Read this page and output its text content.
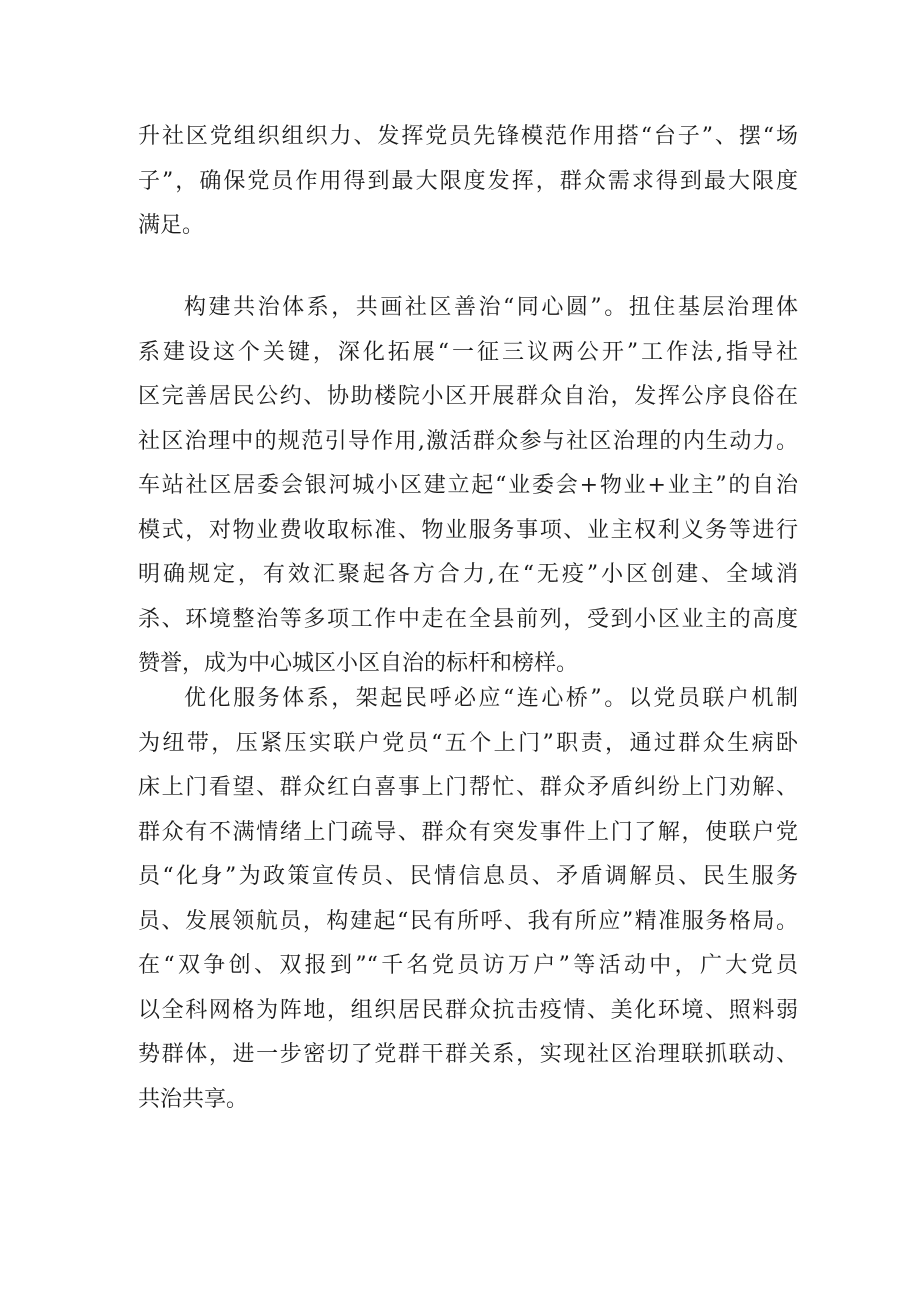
升社区党组织组织力、发挥党员先锋模范作用搭“台子”、摆“场
子”，确保党员作用得到最大限度发挥，群众需求得到最大限度
满足。
构建共治体系，共画社区善治“同心圆”。扭住基层治理体
系建设这个关键，深化拓展“一征三议两公开”工作法,指导社
区完善居民公约、协助楼院小区开展群众自治，发挥公序良俗在
社区治理中的规范引导作用,激活群众参与社区治理的内生动力。
车站社区居委会银河城小区建立起“业委会+物业+业主”的自治
模式，对物业费收取标准、物业服务事项、业主权利义务等进行
明确规定，有效汇聚起各方合力,在“无疫”小区创建、全域消
杀、环境整治等多项工作中走在全县前列，受到小区业主的高度
赞誉，成为中心城区小区自治的标杆和榜样。
优化服务体系，架起民呼必应“连心桥”。以党员联户机制
为纽带，压紧压实联户党员“五个上门”职责，通过群众生病卧
床上门看望、群众红白喜事上门帮忙、群众矛盾纠纷上门劝解、
群众有不满情绪上门疏导、群众有突发事件上门了解，使联户党
员“化身”为政策宣传员、民情信息员、矛盾调解员、民生服务
员、发展领航员，构建起“民有所呼、我有所应”精准服务格局。
在“双争创、双报到”“千名党员访万户”等活动中，广大党员
以全科网格为阵地，组织居民群众抗击疫情、美化环境、照料弱
势群体，进一步密切了党群干群关系，实现社区治理联抓联动、
共治共享。
